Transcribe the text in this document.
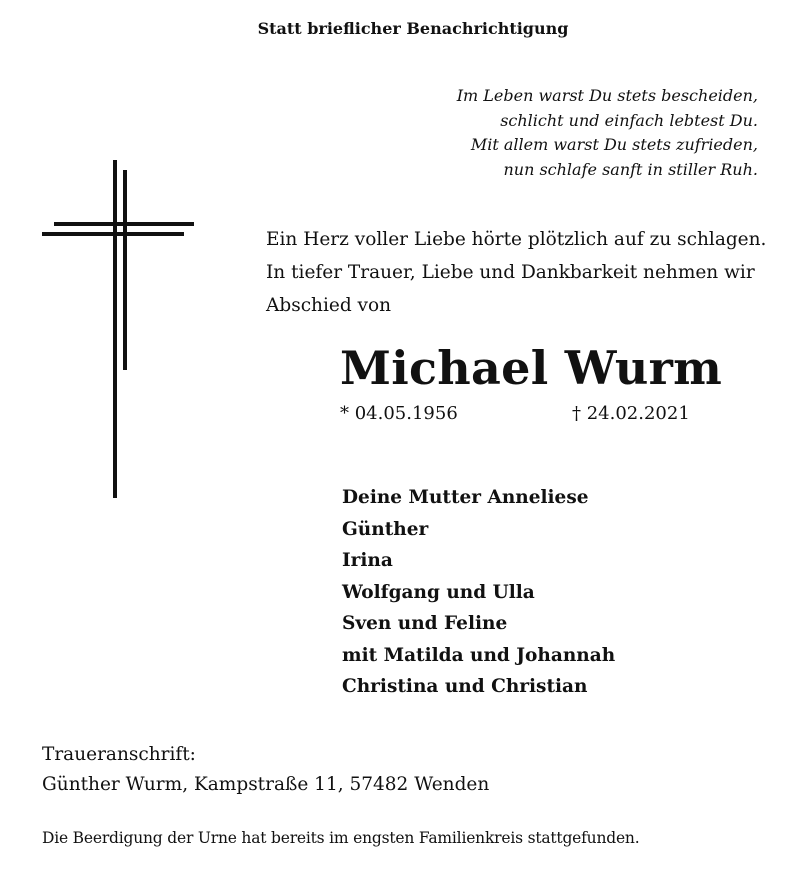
Statt brieflicher Benachrichtigung
Im Leben warst Du stets bescheiden,
schlicht und einfach lebtest Du.
Mit allem warst Du stets zufrieden,
nun schlafe sanft in stiller Ruh.
Ein Herz voller Liebe hörte plötzlich auf zu schlagen.
In tiefer Trauer, Liebe und Dankbarkeit nehmen wir
Abschied von
Michael Wurm
* 04.05.1956	† 24.02.2021
Deine Mutter Anneliese
Günther
Irina
Wolfgang und Ulla
Sven und Feline
mit Matilda und Johannah
Christina und Christian
Traueranschrift:
Günther Wurm, Kampstraße 11, 57482 Wenden
Die Beerdigung der Urne hat bereits im engsten Familienkreis stattgefunden.
